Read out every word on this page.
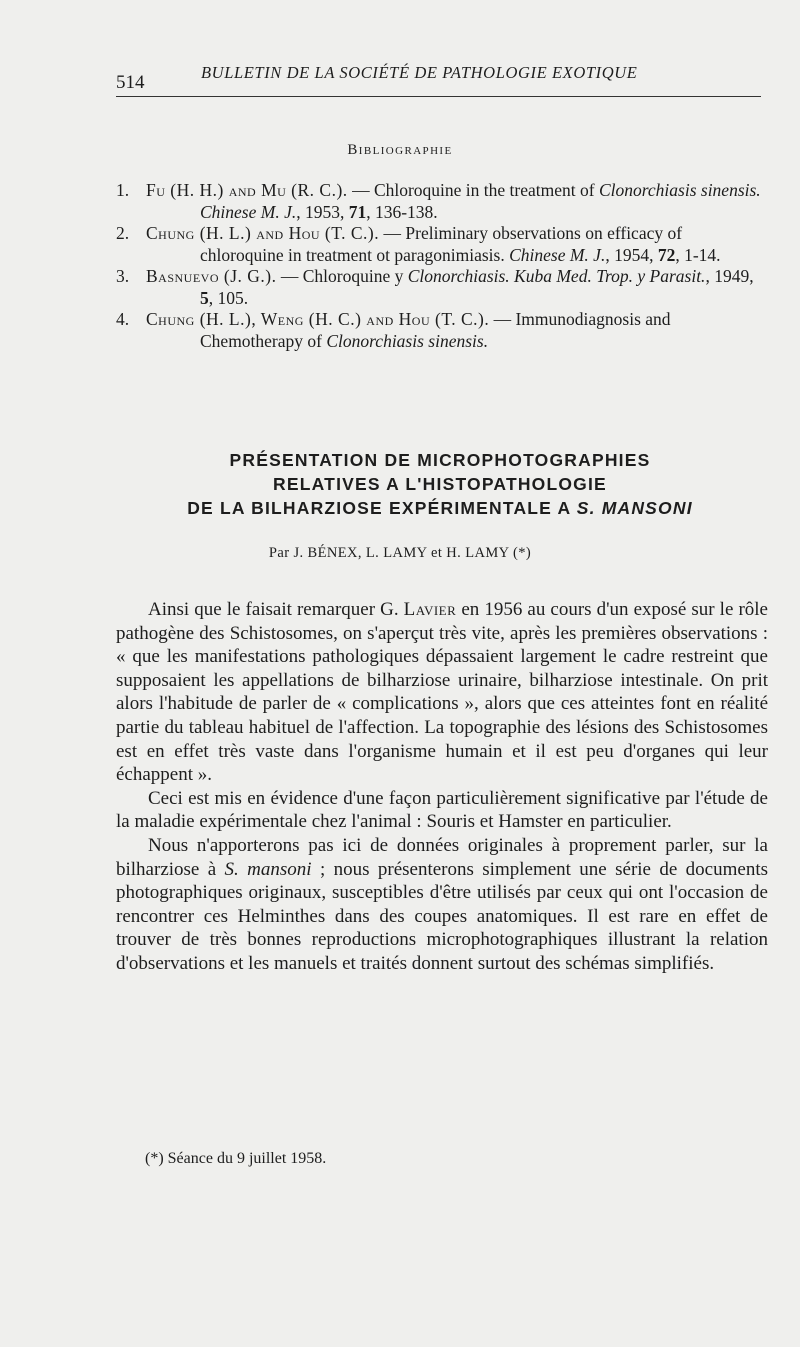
514	BULLETIN DE LA SOCIÉTÉ DE PATHOLOGIE EXOTIQUE
Bibliographie
1. Fu (H. H.) and Mu (R. C.). — Chloroquine in the treatment of Clonorchiasis sinensis. Chinese M. J., 1953, 71, 136-138.
2. Chung (H. L.) and Hou (T. C.). — Preliminary observations on efficacy of chloroquine in treatment ot paragonimiasis. Chinese M. J., 1954, 72, 1-14.
3. Basnuevo (J. G.). — Chloroquine y Clonorchiasis. Kuba Med. Trop. y Parasit., 1949, 5, 105.
4. Chung (H. L.), Weng (H. C.) and Hou (T. C.). — Immunodiagnosis and Chemotherapy of Clonorchiasis sinensis.
PRÉSENTATION DE MICROPHOTOGRAPHIES
RELATIVES A L'HISTOPATHOLOGIE
DE LA BILHARZIOSE EXPÉRIMENTALE A S. MANSONI
Par J. BÉNEX, L. LAMY et H. LAMY (*)

Ainsi que le faisait remarquer G. Lavier en 1956 au cours d'un exposé sur le rôle pathogène des Schistosomes, on s'aperçut très vite, après les premières observations : « que les manifestations pathologiques dépassaient largement le cadre restreint que supposaient les appellations de bilharziose urinaire, bilharziose intestinale. On prit alors l'habitude de parler de « complications », alors que ces atteintes font en réalité partie du tableau habituel de l'affection. La topographie des lésions des Schistosomes est en effet très vaste dans l'organisme humain et il est peu d'organes qui leur échappent ».

Ceci est mis en évidence d'une façon particulièrement significative par l'étude de la maladie expérimentale chez l'animal : Souris et Hamster en particulier.

Nous n'apporterons pas ici de données originales à proprement parler, sur la bilharziose à S. mansoni ; nous présenterons simplement une série de documents photographiques originaux, susceptibles d'être utilisés par ceux qui ont l'occasion de rencontrer ces Helminthes dans des coupes anatomiques. Il est rare en effet de trouver de très bonnes reproductions microphotographiques illustrant la relation d'observations et les manuels et traités donnent surtout des schémas simplifiés.

(*) Séance du 9 juillet 1958.
